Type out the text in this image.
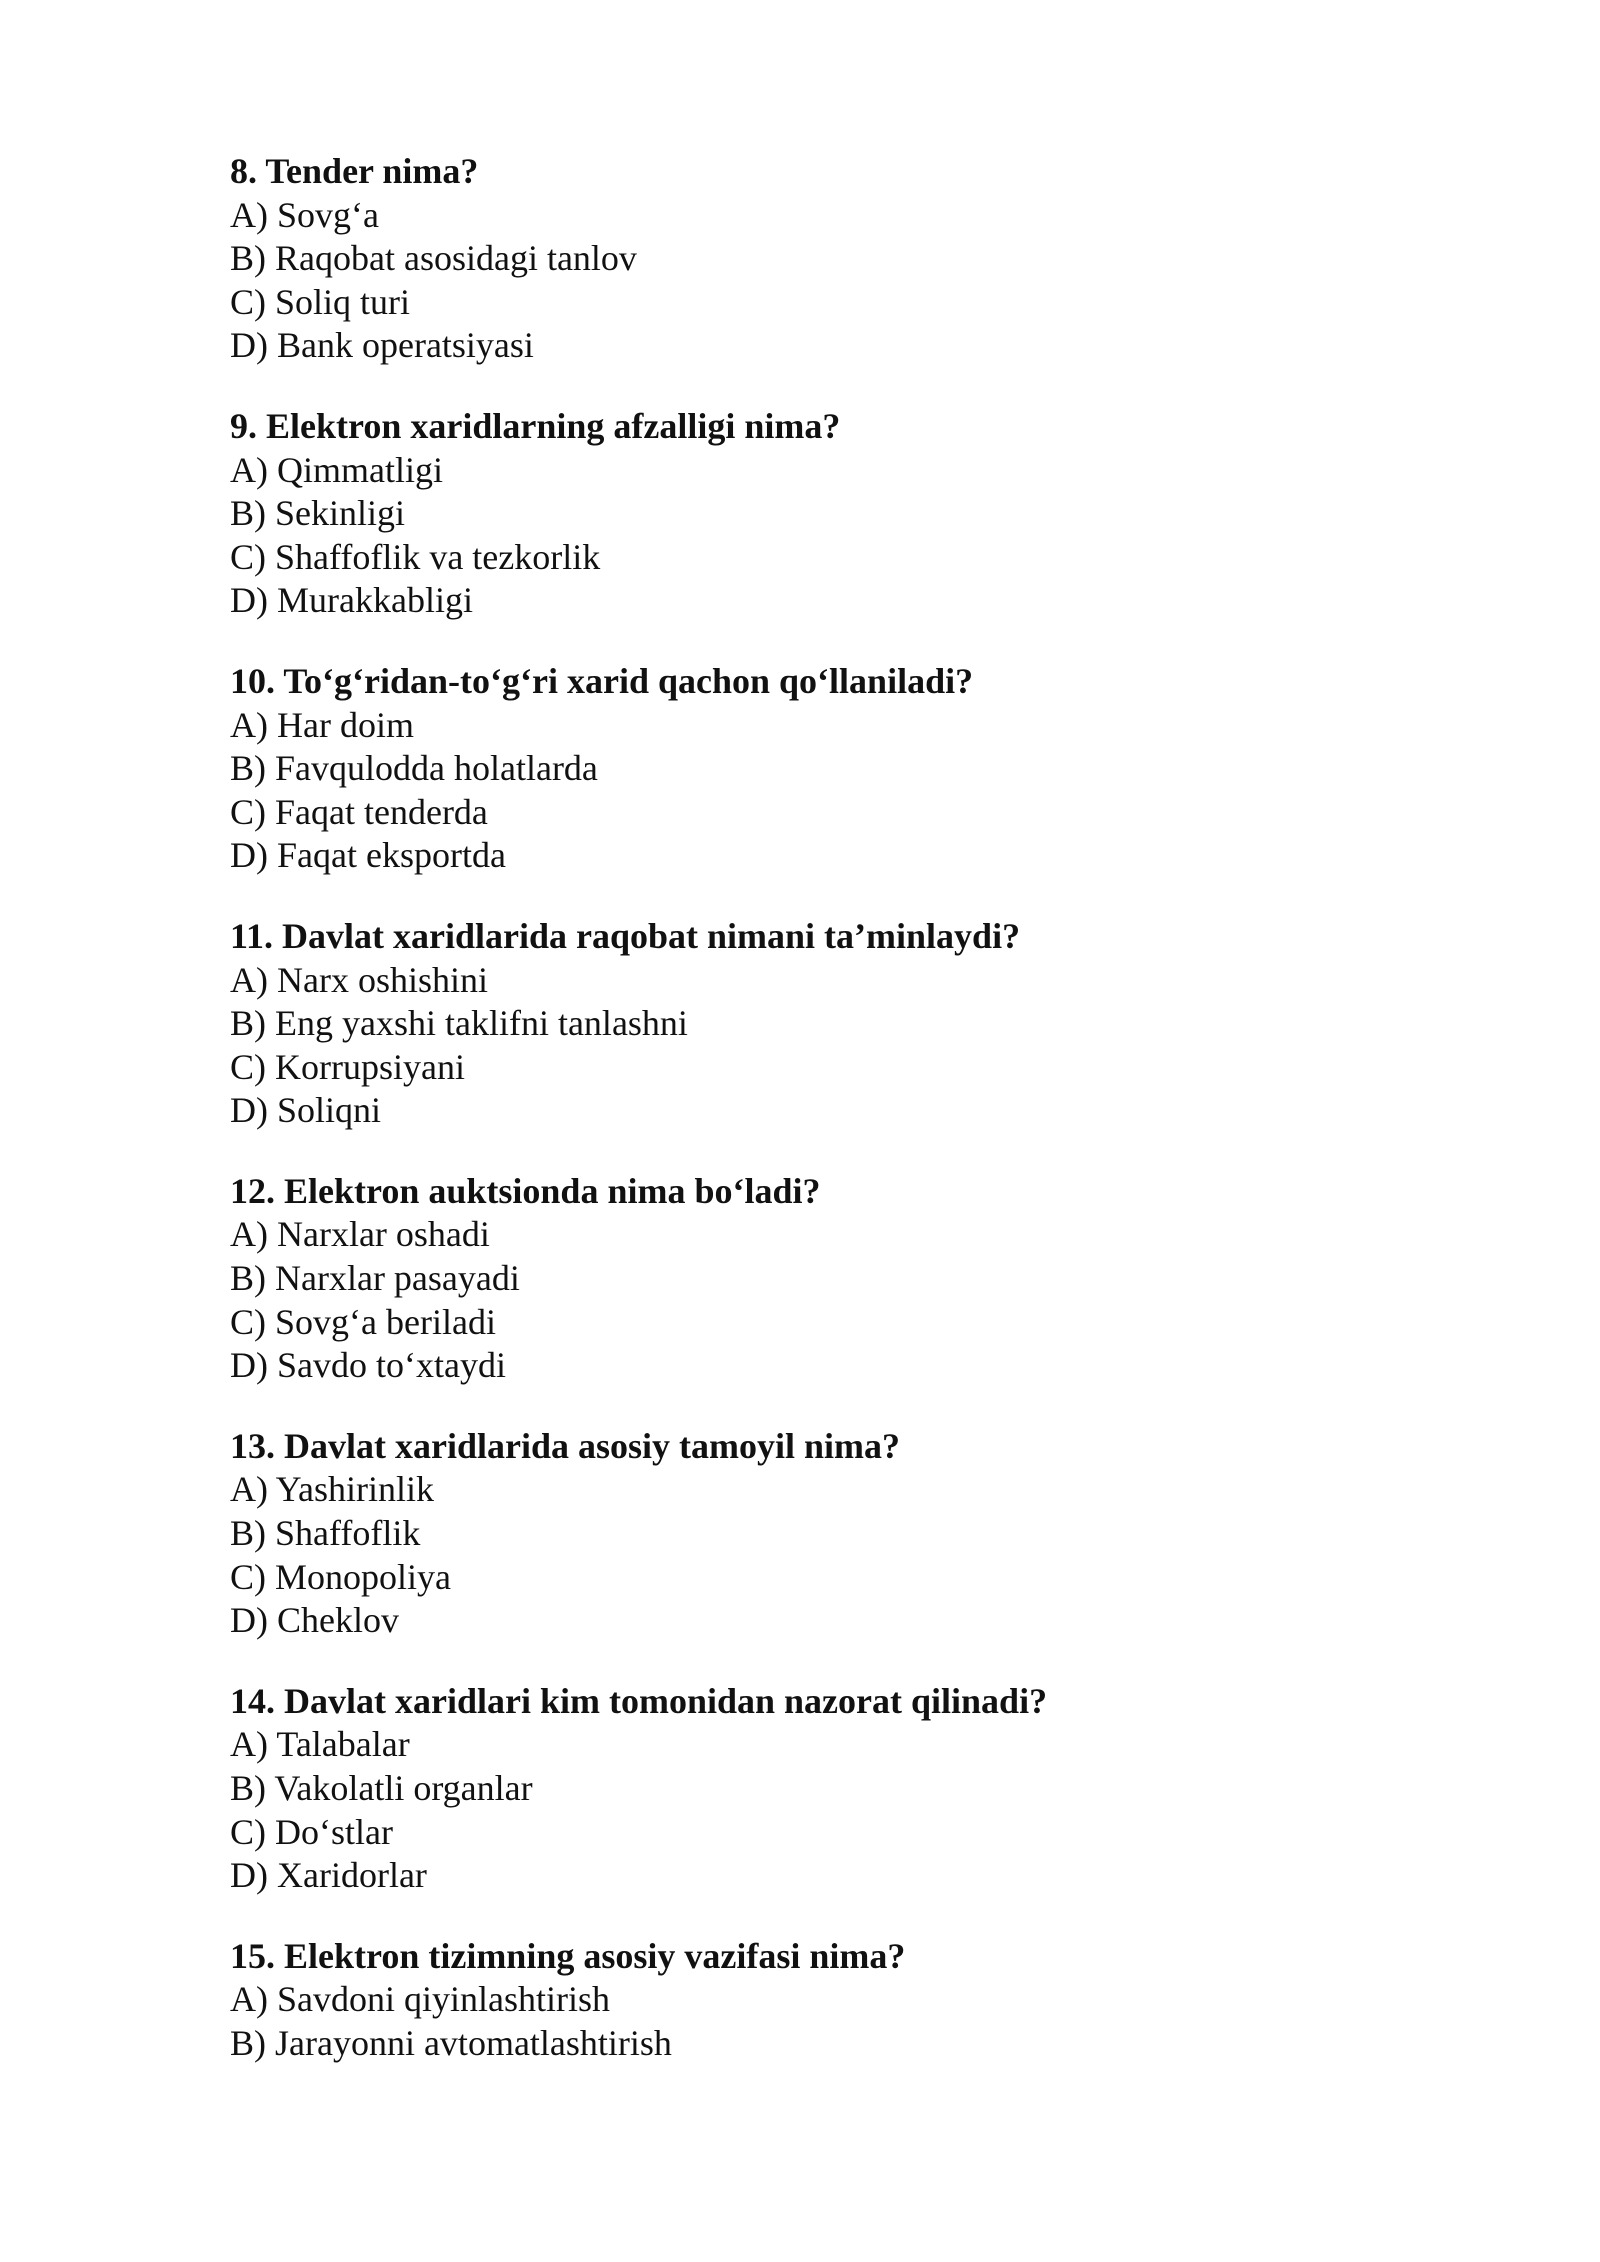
8. Tender nima?

A) Sovg‘a

B) Raqobat asosidagi tanlov

C) Soliq turi

D) Bank operatsiyasi

9. Elektron xaridlarning afzalligi nima?

A) Qimmatligi

B) Sekinligi

C) Shaffoflik va tezkorlik

D) Murakkabligi

10. To‘g‘ridan-to‘g‘ri xarid qachon qo‘llaniladi?

A) Har doim

B) Favqulodda holatlarda

C) Faqat tenderda

D) Faqat eksportda

11. Davlat xaridlarida raqobat nimani ta’minlaydi?

A) Narx oshishini

B) Eng yaxshi taklifni tanlashni

C) Korrupsiyani

D) Soliqni

12. Elektron auktsionda nima bo‘ladi?

A) Narxlar oshadi

B) Narxlar pasayadi

C) Sovg‘a beriladi

D) Savdo to‘xtaydi

13. Davlat xaridlarida asosiy tamoyil nima?

A) Yashirinlik

B) Shaffoflik

C) Monopoliya

D) Cheklov

14. Davlat xaridlari kim tomonidan nazorat qilinadi?

A) Talabalar

B) Vakolatli organlar

C) Do‘stlar

D) Xaridorlar

15. Elektron tizimning asosiy vazifasi nima?

A) Savdoni qiyinlashtirish

B) Jarayonni avtomatlashtirish
